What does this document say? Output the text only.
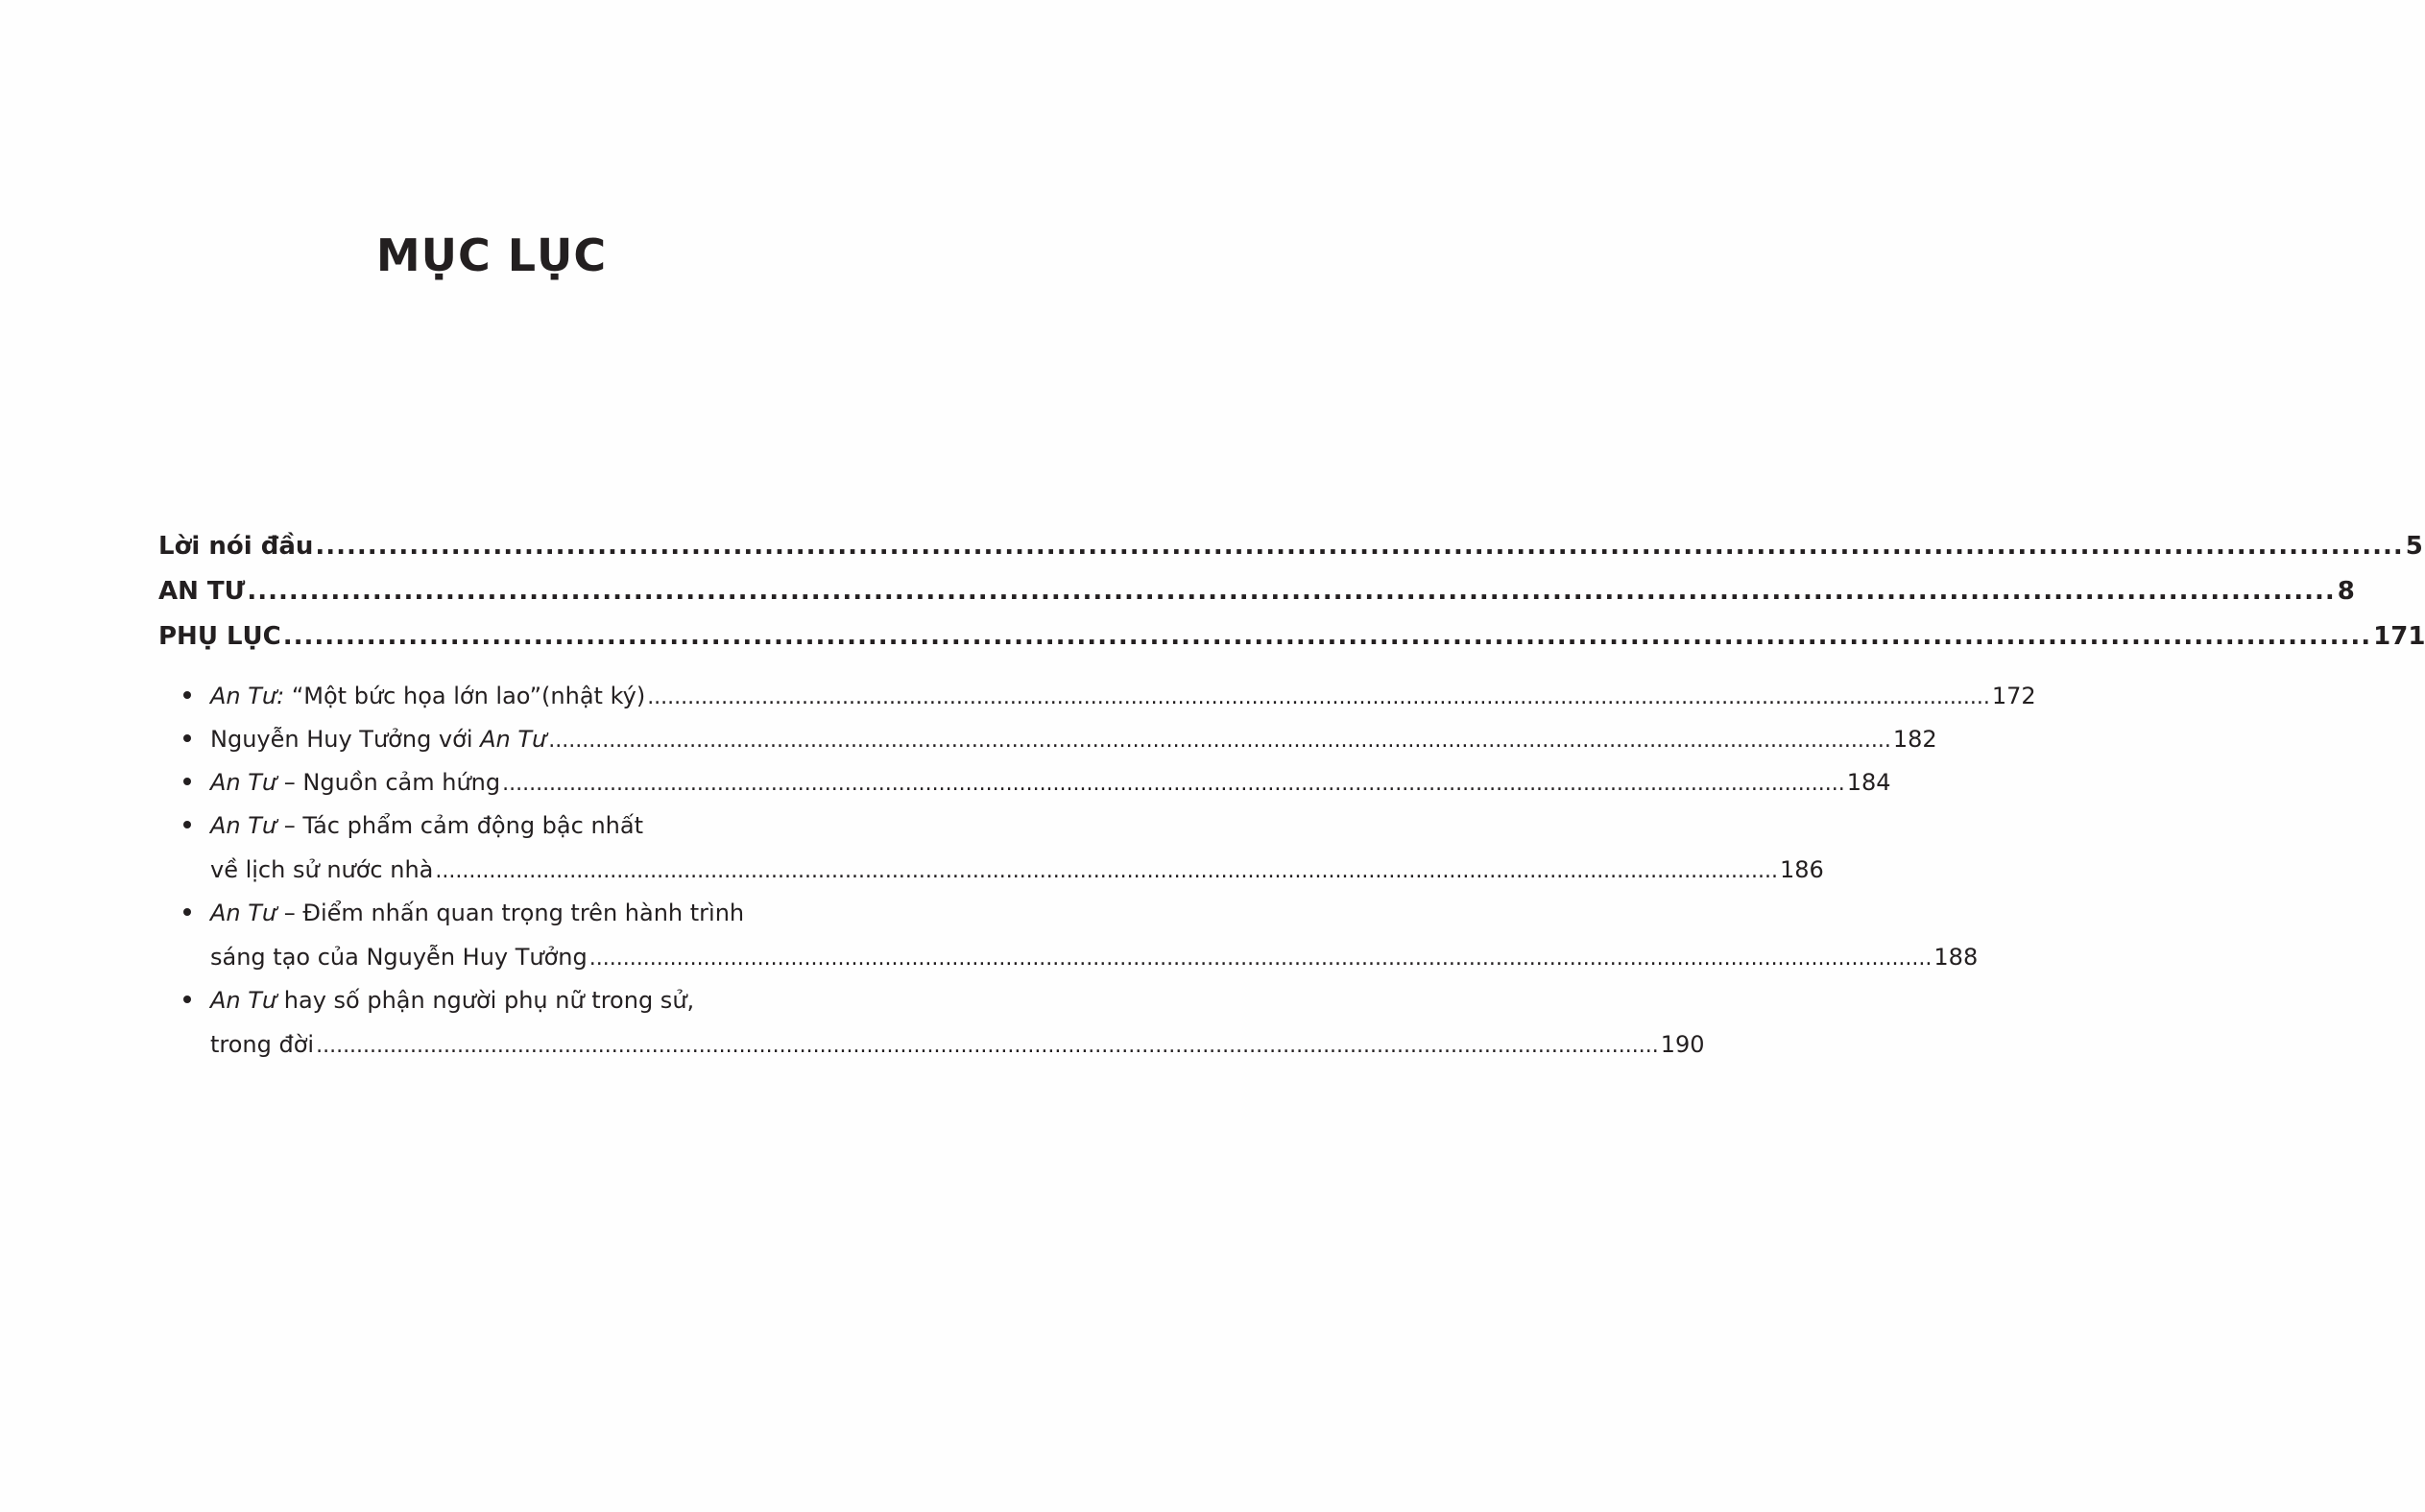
MỤC LỤC
Lời nói đầu ........................................................................................................................................................................................................ 5
AN TƯ ........................................................................................................................................................................................................ 8
PHỤ LỤC ........................................................................................................................................................................................................ 171
An Tư: “Một bức họa lớn lao”(nhật ký) ........................................................................................................................................................................................................ 172
Nguyễn Huy Tưởng với An Tư ........................................................................................................................................................................................................ 182
An Tư – Nguồn cảm hứng ........................................................................................................................................................................................................ 184
An Tư – Tác phẩm cảm động bậc nhất
về lịch sử nước nhà ........................................................................................................................................................................................................ 186
An Tư – Điểm nhấn quan trọng trên hành trình
sáng tạo của Nguyễn Huy Tưởng ........................................................................................................................................................................................................ 188
An Tư hay số phận người phụ nữ trong sử,
trong đời ........................................................................................................................................................................................................ 190
